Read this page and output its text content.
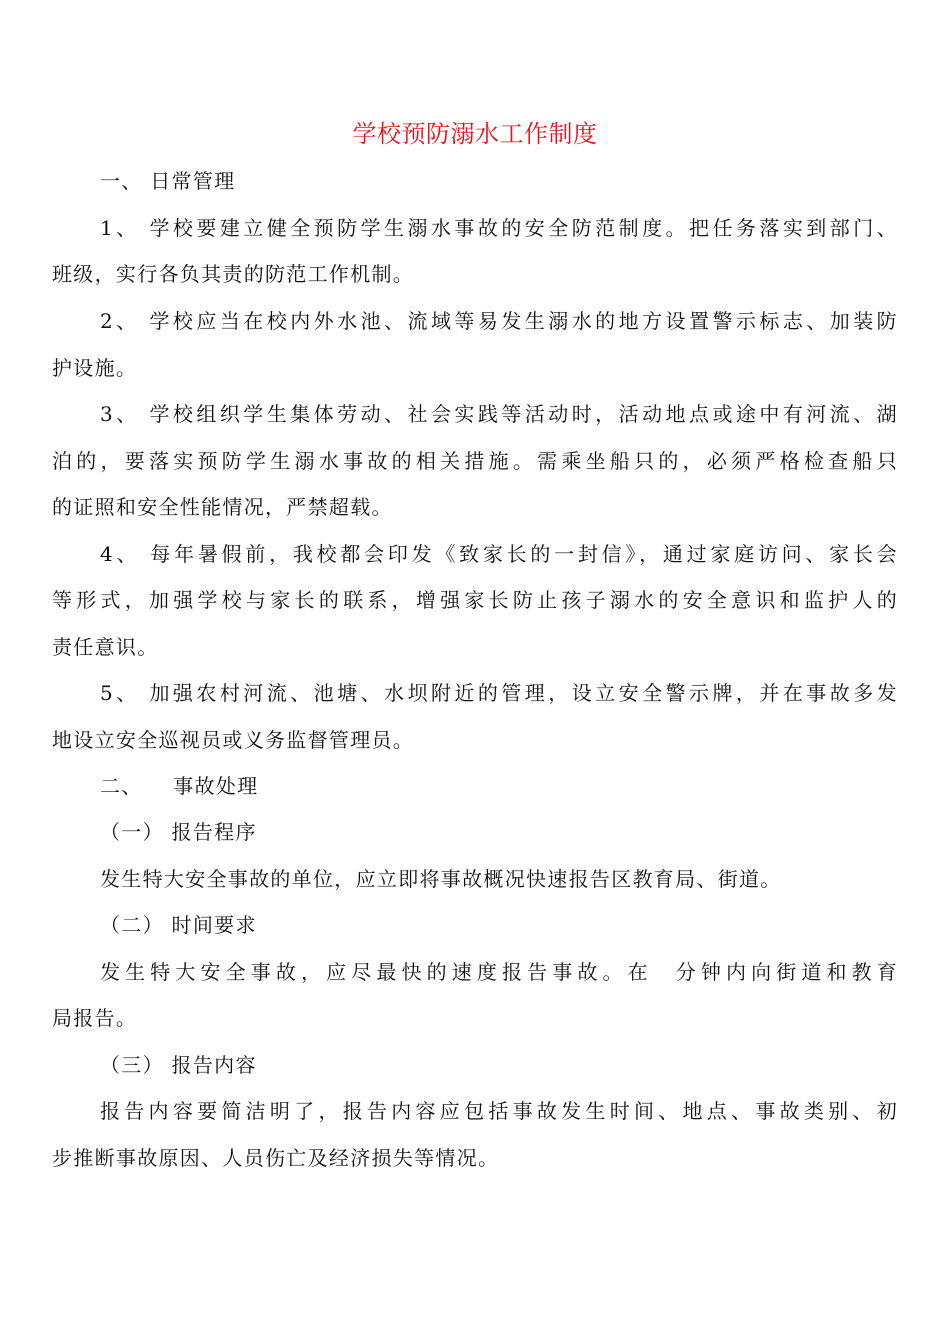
学校预防溺水工作制度
一、 日常管理
1、 学校要建立健全预防学生溺水事故的安全防范制度。把任务落实到部门、
班级，实行各负其责的防范工作机制。
2、 学校应当在校内外水池、流域等易发生溺水的地方设置警示标志、加装防
护设施。
3、 学校组织学生集体劳动、社会实践等活动时，活动地点或途中有河流、湖
泊的，要落实预防学生溺水事故的相关措施。需乘坐船只的，必须严格检查船只
的证照和安全性能情况，严禁超载。
4、 每年暑假前，我校都会印发《致家长的一封信》，通过家庭访问、家长会
等形式，加强学校与家长的联系，增强家长防止孩子溺水的安全意识和监护人的
责任意识。
5、 加强农村河流、池塘、水坝附近的管理，设立安全警示牌，并在事故多发
地设立安全巡视员或义务监督管理员。
二、    事故处理
（一） 报告程序
发生特大安全事故的单位，应立即将事故概况快速报告区教育局、街道。
（二） 时间要求
发生特大安全事故，应尽最快的速度报告事故。在  分钟内向街道和教育
局报告。
（三） 报告内容
报告内容要简洁明了，报告内容应包括事故发生时间、地点、事故类别、初
步推断事故原因、人员伤亡及经济损失等情况。
